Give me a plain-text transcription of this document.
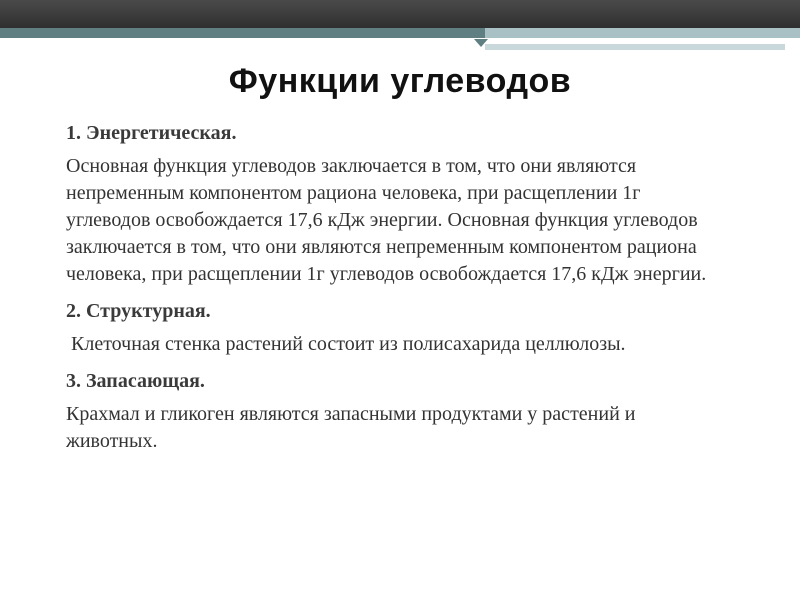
Функции углеводов
1. Энергетическая.
Основная функция углеводов заключается в том, что они являются непременным компонентом рациона человека, при расщеплении 1г углеводов освобождается 17,6 кДж энергии. Основная функция углеводов заключается в том, что они являются непременным компонентом рациона человека, при расщеплении 1г углеводов освобождается 17,6 кДж энергии.
2. Структурная.
Клеточная стенка растений состоит из полисахарида целлюлозы.
3. Запасающая.
Крахмал и гликоген являются запасными продуктами у растений и животных.
